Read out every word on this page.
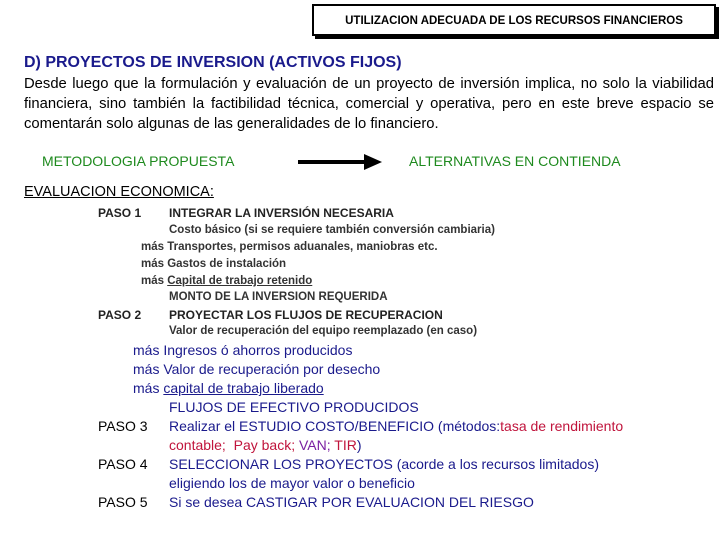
UTILIZACION ADECUADA DE LOS RECURSOS FINANCIEROS
D) PROYECTOS DE INVERSION (ACTIVOS FIJOS)
Desde luego que la formulación y evaluación de un proyecto de inversión implica, no solo la viabilidad financiera, sino también la factibilidad técnica, comercial y operativa, pero en este breve espacio se comentarán solo algunas de las generalidades de lo financiero.
METODOLOGIA PROPUESTA	ALTERNATIVAS EN CONTIENDA
EVALUACION ECONOMICA:
PASO 1 INTEGRAR LA INVERSIÓN NECESARIA
Costo básico (si se requiere también conversión cambiaria)
más Transportes, permisos aduanales, maniobras etc.
más Gastos de instalación
más Capital de trabajo retenido
MONTO DE LA INVERSION REQUERIDA
PASO 2 PROYECTAR LOS FLUJOS DE RECUPERACION
Valor de recuperación del equipo reemplazado (en caso)
más Ingresos ó ahorros producidos
más Valor de recuperación por desecho
más capital de trabajo liberado
FLUJOS DE EFECTIVO PRODUCIDOS
PASO 3 Realizar el ESTUDIO COSTO/BENEFICIO (métodos:tasa de rendimiento
contable; Pay back; VAN; TIR)
PASO 4 SELECCIONAR LOS PROYECTOS (acorde a los recursos limitados)
eligiendo los de mayor valor o beneficio
PASO 5 Si se desea CASTIGAR POR EVALUACION DEL RIESGO
